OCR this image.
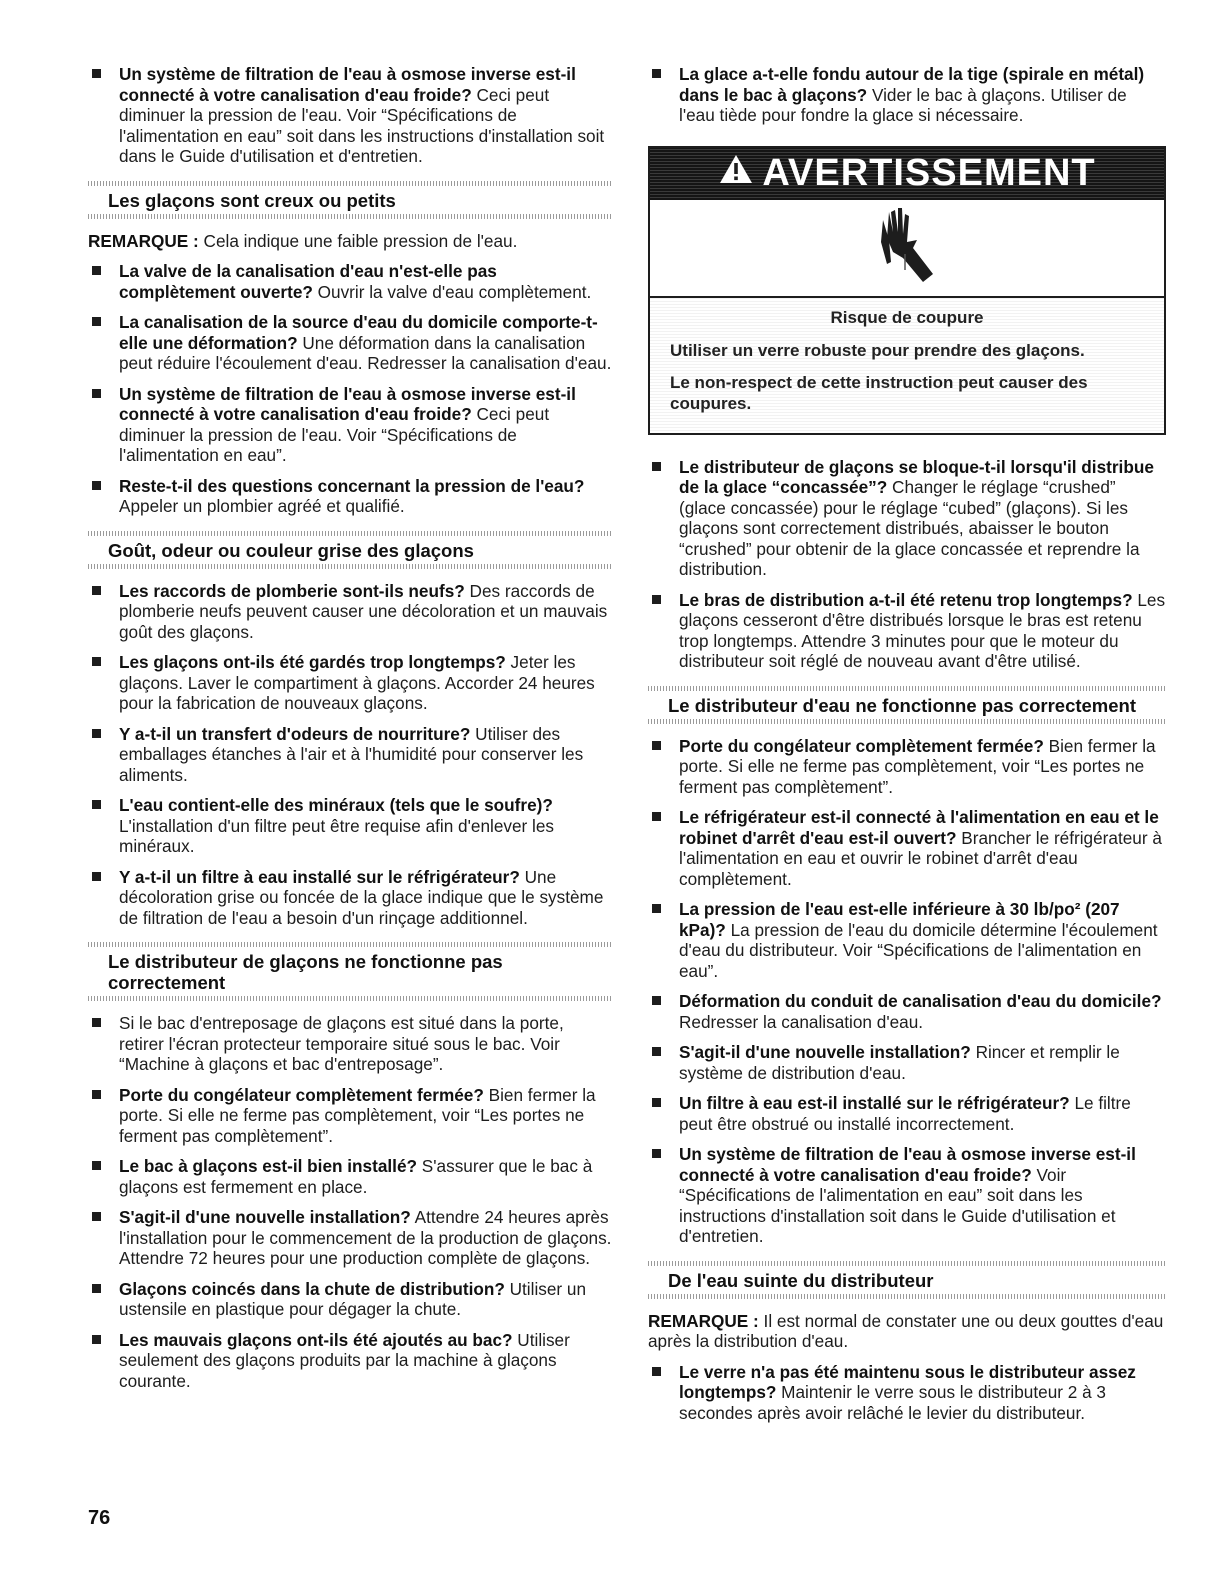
Un système de filtration de l'eau à osmose inverse est-il connecté à votre canalisation d'eau froide? Ceci peut diminuer la pression de l'eau. Voir “Spécifications de l'alimentation en eau” soit dans les instructions d'installation soit dans le Guide d'utilisation et d'entretien.
Les glaçons sont creux ou petits
REMARQUE : Cela indique une faible pression de l'eau.
La valve de la canalisation d'eau n'est-elle pas complètement ouverte? Ouvrir la valve d'eau complètement.
La canalisation de la source d'eau du domicile comporte-t-elle une déformation? Une déformation dans la canalisation peut réduire l'écoulement d'eau. Redresser la canalisation d'eau.
Un système de filtration de l'eau à osmose inverse est-il connecté à votre canalisation d'eau froide? Ceci peut diminuer la pression de l'eau. Voir “Spécifications de l'alimentation en eau”.
Reste-t-il des questions concernant la pression de l'eau? Appeler un plombier agréé et qualifié.
Goût, odeur ou couleur grise des glaçons
Les raccords de plomberie sont-ils neufs? Des raccords de plomberie neufs peuvent causer une décoloration et un mauvais goût des glaçons.
Les glaçons ont-ils été gardés trop longtemps? Jeter les glaçons. Laver le compartiment à glaçons. Accorder 24 heures pour la fabrication de nouveaux glaçons.
Y a-t-il un transfert d'odeurs de nourriture? Utiliser des emballages étanches à l'air et à l'humidité pour conserver les aliments.
L'eau contient-elle des minéraux (tels que le soufre)? L'installation d'un filtre peut être requise afin d'enlever les minéraux.
Y a-t-il un filtre à eau installé sur le réfrigérateur? Une décoloration grise ou foncée de la glace indique que le système de filtration de l'eau a besoin d'un rinçage additionnel.
Le distributeur de glaçons ne fonctionne pas correctement
Si le bac d'entreposage de glaçons est situé dans la porte, retirer l'écran protecteur temporaire situé sous le bac. Voir “Machine à glaçons et bac d'entreposage”.
Porte du congélateur complètement fermée? Bien fermer la porte. Si elle ne ferme pas complètement, voir “Les portes ne ferment pas complètement”.
Le bac à glaçons est-il bien installé? S'assurer que le bac à glaçons est fermement en place.
S'agit-il d'une nouvelle installation? Attendre 24 heures après l'installation pour le commencement de la production de glaçons. Attendre 72 heures pour une production complète de glaçons.
Glaçons coincés dans la chute de distribution? Utiliser un ustensile en plastique pour dégager la chute.
Les mauvais glaçons ont-ils été ajoutés au bac? Utiliser seulement des glaçons produits par la machine à glaçons courante.
La glace a-t-elle fondu autour de la tige (spirale en métal) dans le bac à glaçons? Vider le bac à glaçons. Utiliser de l'eau tiède pour fondre la glace si nécessaire.
AVERTISSEMENT
Risque de coupure

Utiliser un verre robuste pour prendre des glaçons.

Le non-respect de cette instruction peut causer des coupures.

Le distributeur de glaçons se bloque-t-il lorsqu'il distribue de la glace “concassée”? Changer le réglage “crushed” (glace concassée) pour le réglage “cubed” (glaçons). Si les glaçons sont correctement distribués, abaisser le bouton “crushed” pour obtenir de la glace concassée et reprendre la distribution.
Le bras de distribution a-t-il été retenu trop longtemps? Les glaçons cesseront d'être distribués lorsque le bras est retenu trop longtemps. Attendre 3 minutes pour que le moteur du distributeur soit réglé de nouveau avant d'être utilisé.
Le distributeur d'eau ne fonctionne pas correctement
Porte du congélateur complètement fermée? Bien fermer la porte. Si elle ne ferme pas complètement, voir “Les portes ne ferment pas complètement”.
Le réfrigérateur est-il connecté à l'alimentation en eau et le robinet d'arrêt d'eau est-il ouvert? Brancher le réfrigérateur à l'alimentation en eau et ouvrir le robinet d'arrêt d'eau complètement.
La pression de l'eau est-elle inférieure à 30 lb/po² (207 kPa)? La pression de l'eau du domicile détermine l'écoulement d'eau du distributeur. Voir “Spécifications de l'alimentation en eau”.
Déformation du conduit de canalisation d'eau du domicile? Redresser la canalisation d'eau.
S'agit-il d'une nouvelle installation? Rincer et remplir le système de distribution d'eau.
Un filtre à eau est-il installé sur le réfrigérateur? Le filtre peut être obstrué ou installé incorrectement.
Un système de filtration de l'eau à osmose inverse est-il connecté à votre canalisation d'eau froide? Voir “Spécifications de l'alimentation en eau” soit dans les instructions d'installation soit dans le Guide d'utilisation et d'entretien.
De l'eau suinte du distributeur
REMARQUE : Il est normal de constater une ou deux gouttes d'eau après la distribution d'eau.
Le verre n'a pas été maintenu sous le distributeur assez longtemps? Maintenir le verre sous le distributeur 2 à 3 secondes après avoir relâché le levier du distributeur.
76
